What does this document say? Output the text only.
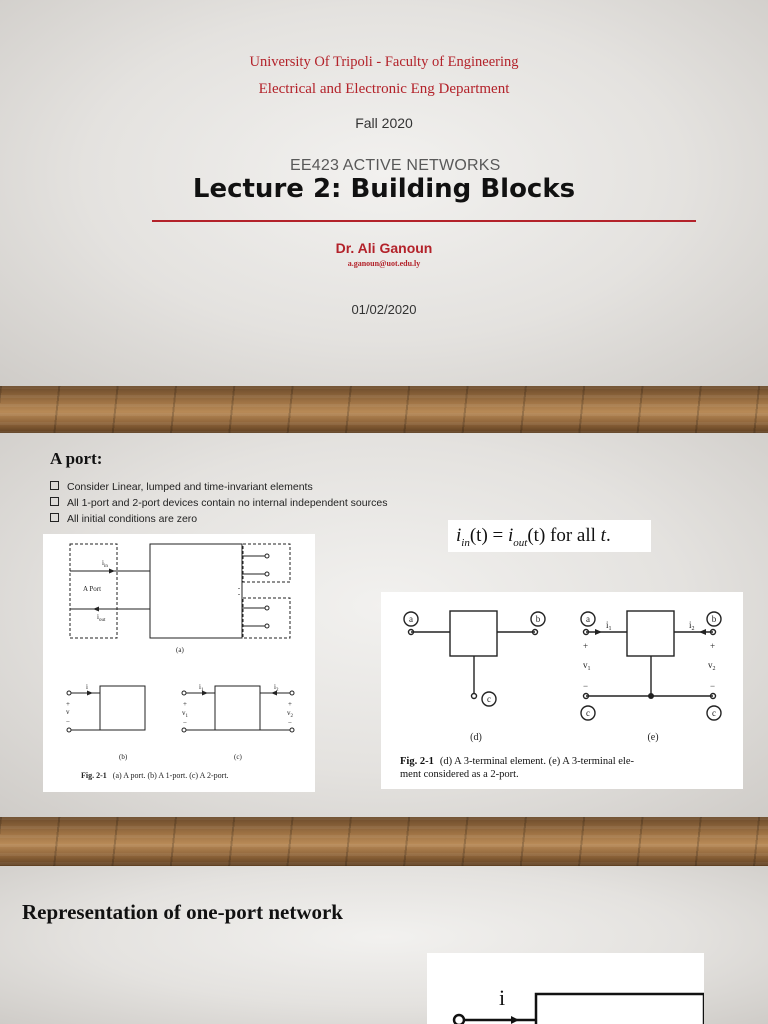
University Of Tripoli - Faculty of Engineering
Electrical and Electronic Eng Department
Fall 2020
EE423 ACTIVE NETWORKS
Lecture 2: Building Blocks
Dr. Ali Ganoun
a.ganoun@uot.edu.ly
01/02/2020
A port:
Consider Linear, lumped and time-invariant elements
All 1-port and 2-port devices contain no internal independent sources
All initial conditions are zero
$i_{in}(t) = i_{out}(t)$ for all t.
$i_{in}$
A Port
$i_{out}$
(a)
i
+
v
−
(b)
$i_1$	$i_2$
+
$v_1$
−
+
$v_2$
−
(c)
Fig. 2-1 (a) A port. (b) A 1-port. (c) A 2-port.
a	b
c
a	b
c	c
(d)	(e)
$i_1$	$i_2$
+
$v_1$
−
+
$v_2$
−
Fig. 2-1 (d) A 3-terminal element. (e) A 3-terminal ele-
ment considered as a 2-port.
Representation of one-port network
i
